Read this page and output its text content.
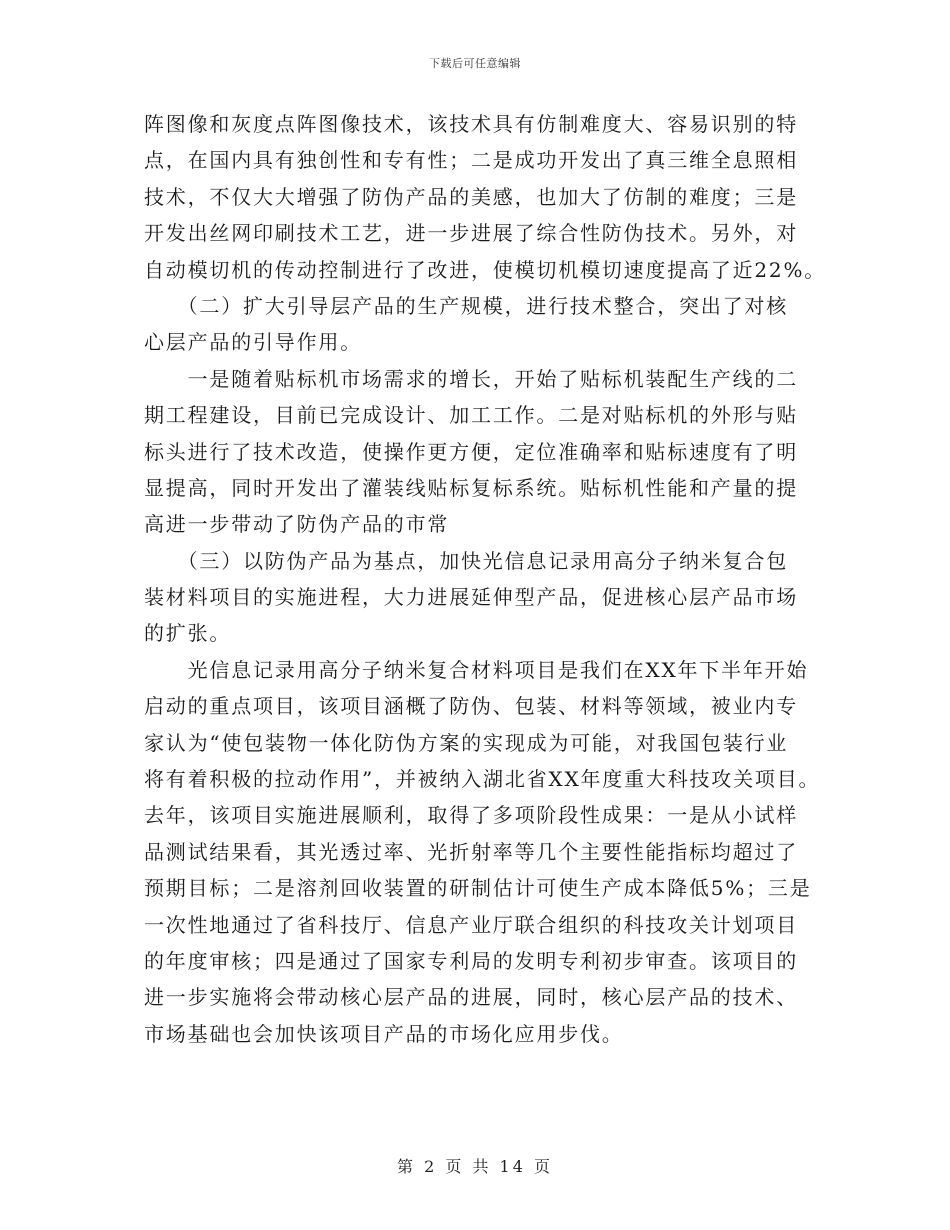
下载后可任意编辑
阵图像和灰度点阵图像技术，该技术具有仿制难度大、容易识别的特
点，在国内具有独创性和专有性；二是成功开发出了真三维全息照相
技术，不仅大大增强了防伪产品的美感，也加大了仿制的难度；三是
开发出丝网印刷技术工艺，进一步进展了综合性防伪技术。另外，对
自动模切机的传动控制进行了改进，使模切机模切速度提高了近22%。
　　（二）扩大引导层产品的生产规模，进行技术整合，突出了对核
心层产品的引导作用。
　　一是随着贴标机市场需求的增长，开始了贴标机装配生产线的二
期工程建设，目前已完成设计、加工工作。二是对贴标机的外形与贴
标头进行了技术改造，使操作更方便，定位准确率和贴标速度有了明
显提高，同时开发出了灌装线贴标复标系统。贴标机性能和产量的提
高进一步带动了防伪产品的市常
　　（三）以防伪产品为基点，加快光信息记录用高分子纳米复合包
装材料项目的实施进程，大力进展延伸型产品，促进核心层产品市场
的扩张。
　　光信息记录用高分子纳米复合材料项目是我们在XX年下半年开始
启动的重点项目，该项目涵概了防伪、包装、材料等领域，被业内专
家认为“使包装物一体化防伪方案的实现成为可能，对我国包装行业
将有着积极的拉动作用”，并被纳入湖北省XX年度重大科技攻关项目。
去年，该项目实施进展顺利，取得了多项阶段性成果：一是从小试样
品测试结果看，其光透过率、光折射率等几个主要性能指标均超过了
预期目标；二是溶剂回收装置的研制估计可使生产成本降低5%；三是
一次性地通过了省科技厅、信息产业厅联合组织的科技攻关计划项目
的年度审核；四是通过了国家专利局的发明专利初步审查。该项目的
进一步实施将会带动核心层产品的进展，同时，核心层产品的技术、
市场基础也会加快该项目产品的市场化应用步伐。
第 2 页 共 14 页
